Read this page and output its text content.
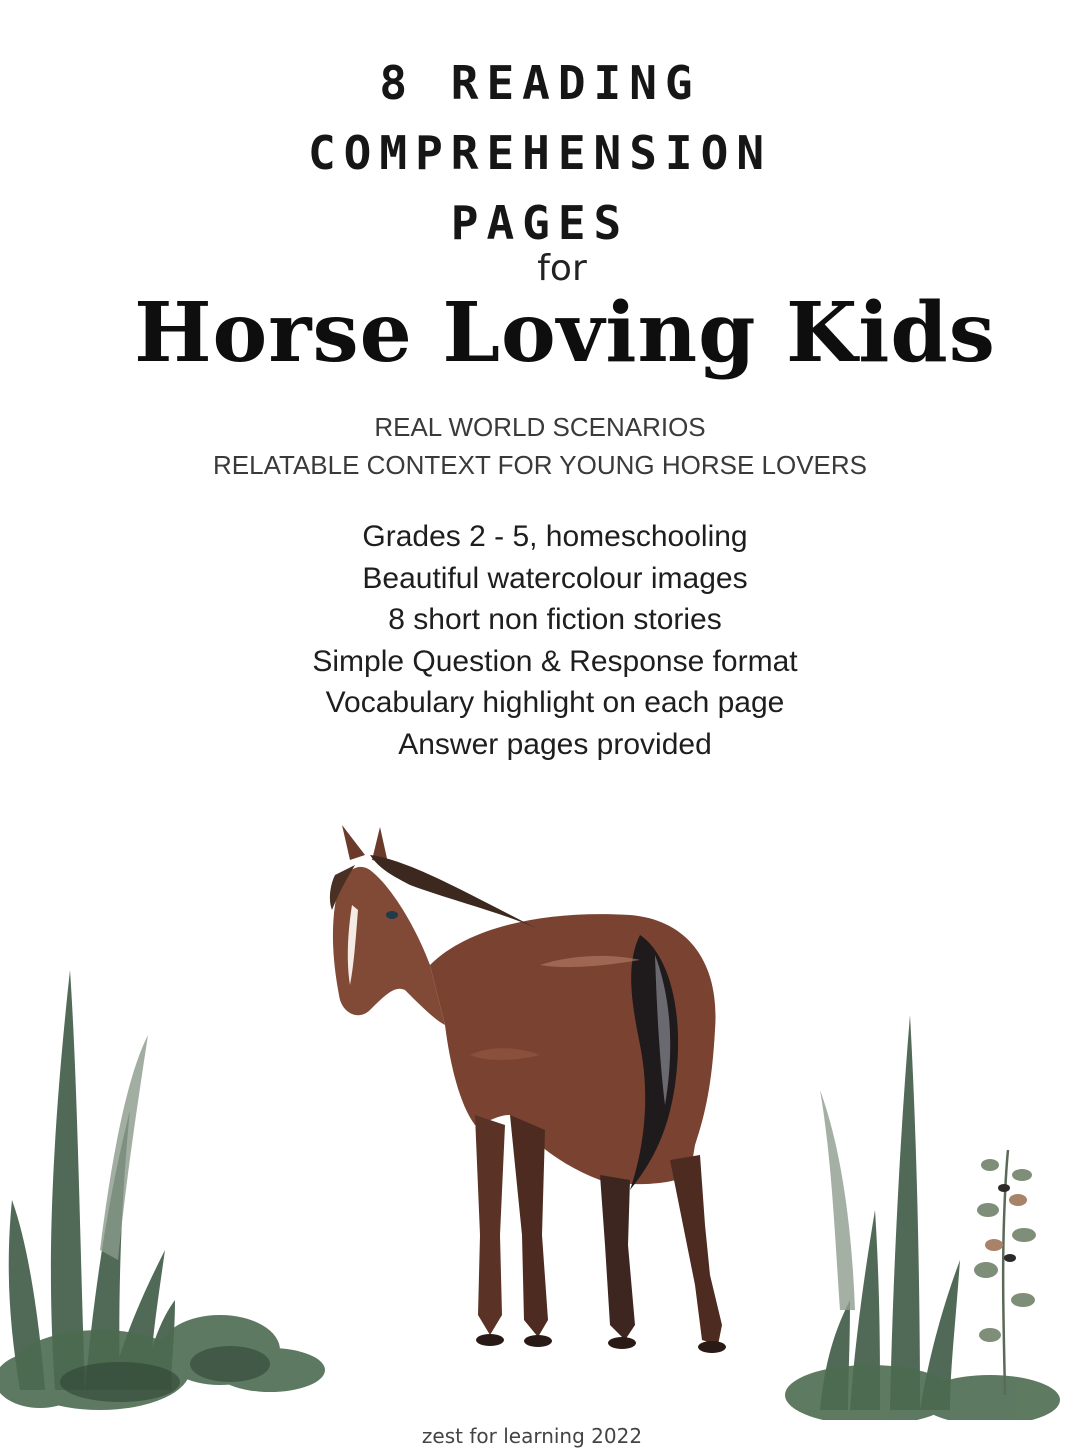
8 READING
COMPREHENSION
PAGES
for
Horse Loving Kids
REAL WORLD SCENARIOS
RELATABLE CONTEXT FOR YOUNG HORSE LOVERS
Grades 2 - 5, homeschooling
Beautiful watercolour images
8 short non fiction stories
Simple Question & Response format
Vocabulary highlight on each page
Answer pages provided
zest for learning 2022
